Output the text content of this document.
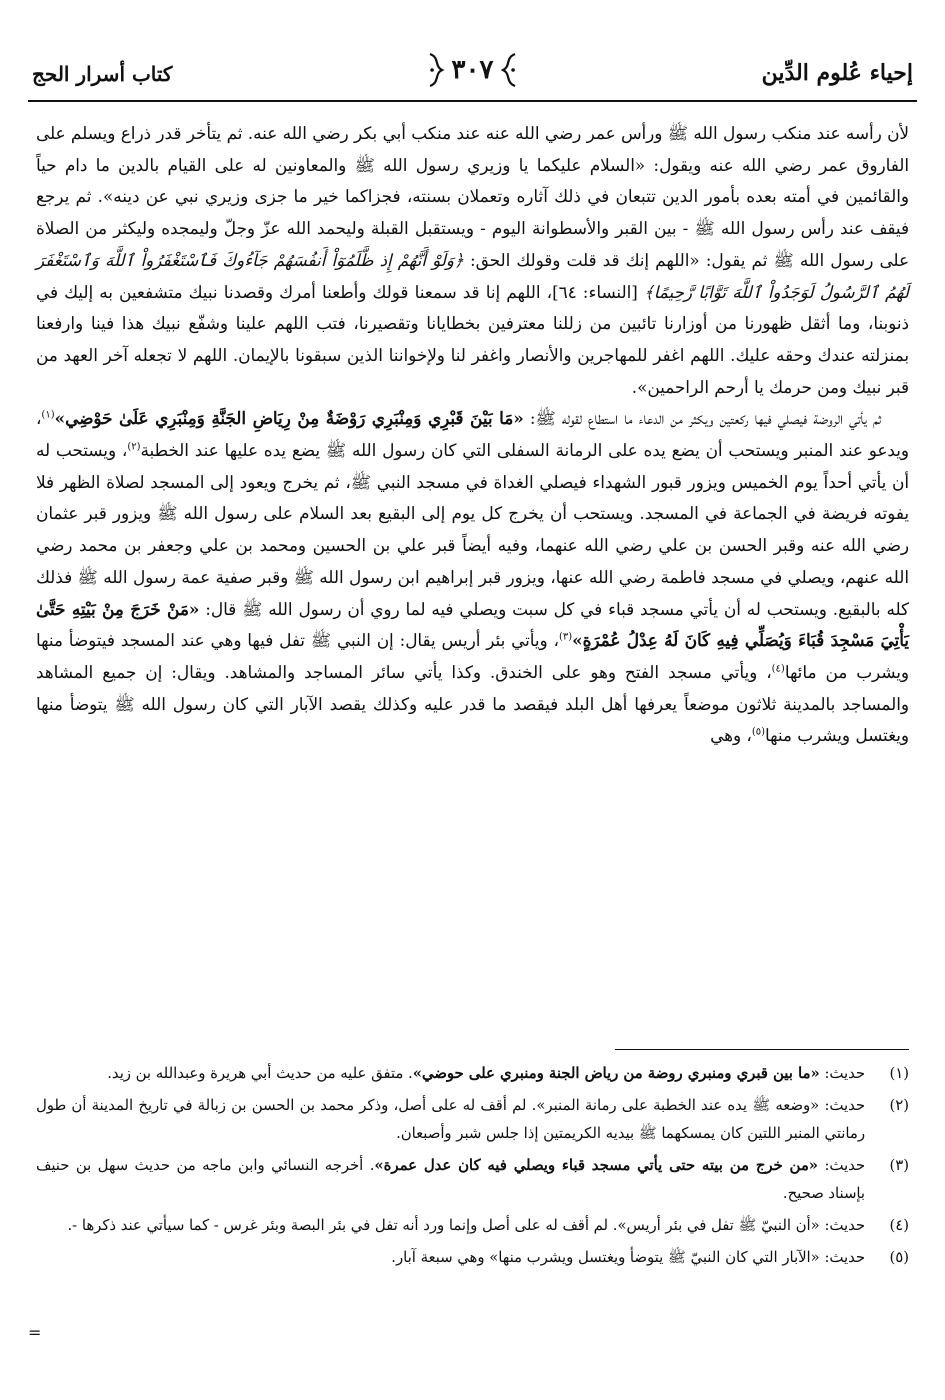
إحياء عُلوم الدِّين
٣٠٧
كتاب أسرار الحج

لأن رأسه عند منكب رسول الله ﷺ ورأس عمر رضي الله عنه عند منكب أبي بكر رضي الله عنه. ثم يتأخر قدر ذراع ويسلم على الفاروق عمر رضي الله عنه ويقول: «السلام عليكما يا وزيري رسول الله ﷺ والمعاونين له على القيام بالدين ما دام حياً والقائمين في أمته بعده بأمور الدين تتبعان في ذلك آثاره وتعملان بسنته، فجزاكما خير ما جزى وزيري نبي عن دينه». ثم يرجع فيقف عند رأس رسول الله ﷺ - بين القبر والأسطوانة اليوم - ويستقبل القبلة وليحمد الله عزّ وجلّ وليمجده وليكثر من الصلاة على رسول الله ﷺ ثم يقول: «اللهم إنك قد قلت وقولك الحق: ﴿وَلَوْ أَنَّهُمْ إِذ ظَّلَمُوٓاْ أَنفُسَهُمْ جَآءُوكَ فَٱسْتَغْفَرُواْ ٱللَّهَ وَٱسْتَغْفَرَ لَهُمُ ٱلرَّسُولُ لَوَجَدُواْ ٱللَّهَ تَوَّابًا رَّحِيمًا﴾ [النساء: ٦٤]، اللهم إنا قد سمعنا قولك وأطعنا أمرك وقصدنا نبيك متشفعين به إليك في ذنوبنا، وما أثقل ظهورنا من أوزارنا تائبين من زللنا معترفين بخطايانا وتقصيرنا، فتب اللهم علينا وشفّع نبيك هذا فينا وارفعنا بمنزلته عندك وحقه عليك. اللهم اغفر للمهاجرين والأنصار واغفر لنا ولإخواننا الذين سبقونا بالإيمان. اللهم لا تجعله آخر العهد من قبر نبيك ومن حرمك يا أرحم الراحمين».

ثم يأتي الروضة فيصلي فيها ركعتين ويكثر من الدعاء ما استطاع لقوله ﷺ: «مَا بَيْنَ قَبْرِي وَمِنْبَرِي رَوْضَةٌ مِنْ رِيَاضِ الجَنَّةِ وَمِنْبَرِي عَلَىٰ حَوْضِي»$^{(١)}$، ويدعو عند المنبر ويستحب أن يضع يده على الرمانة السفلى التي كان رسول الله ﷺ يضع يده عليها عند الخطبة$^{(٢)}$، ويستحب له أن يأتي أحداً يوم الخميس ويزور قبور الشهداء فيصلي الغداة في مسجد النبي ﷺ، ثم يخرج ويعود إلى المسجد لصلاة الظهر فلا يفوته فريضة في الجماعة في المسجد. ويستحب أن يخرج كل يوم إلى البقيع بعد السلام على رسول الله ﷺ ويزور قبر عثمان رضي الله عنه وقبر الحسن بن علي رضي الله عنهما، وفيه أيضاً قبر علي بن الحسين ومحمد بن علي وجعفر بن محمد رضي الله عنهم، ويصلي في مسجد فاطمة رضي الله عنها، ويزور قبر إبراهيم ابن رسول الله ﷺ وقبر صفية عمة رسول الله ﷺ فذلك كله بالبقيع. ويستحب له أن يأتي مسجد قباء في كل سبت ويصلي فيه لما روي أن رسول الله ﷺ قال: «مَنْ خَرَجَ مِنْ بَيْتِهِ حَتَّىٰ يَأْتِيَ مَسْجِدَ قُبَاءَ وَيُصَلِّي فِيهِ كَانَ لَهُ عِدْلُ عُمْرَةٍ»$^{(٣)}$، ويأتي بئر أريس يقال: إن النبي ﷺ تفل فيها وهي عند المسجد فيتوضأ منها ويشرب من مائها$^{(٤)}$، ويأتي مسجد الفتح وهو على الخندق. وكذا يأتي سائر المساجد والمشاهد. ويقال: إن جميع المشاهد والمساجد بالمدينة ثلاثون موضعاً يعرفها أهل البلد فيقصد ما قدر عليه وكذلك يقصد الآبار التي كان رسول الله ﷺ يتوضأ منها ويغتسل ويشرب منها$^{(٥)}$، وهي

(١)
حديث: «ما بين قبري ومنبري روضة من رياض الجنة ومنبري على حوضي». متفق عليه من حديث أبي هريرة وعبدالله بن زيد.
(٢)
حديث: «وضعه ﷺ يده عند الخطبة على رمانة المنبر». لم أقف له على أصل، وذكر محمد بن الحسن بن زبالة في تاريخ المدينة أن طول رمانتي المنبر اللتين كان يمسكهما ﷺ بيديه الكريمتين إذا جلس شبر وأصبعان.
(٣)
حديث: «من خرج من بيته حتى يأتي مسجد قباء ويصلي فيه كان عدل عمرة». أخرجه النسائي وابن ماجه من حديث سهل بن حنيف بإسناد صحيح.
(٤)
حديث: «أن النبيّ ﷺ تفل في بئر أريس». لم أقف له على أصل وإنما ورد أنه تفل في بئر البصة وبئر غرس - كما سيأتي عند ذكرها -.
(٥)
حديث: «الآبار التي كان النبيّ ﷺ يتوضأ ويغتسل ويشرب منها» وهي سبعة آبار.
=
